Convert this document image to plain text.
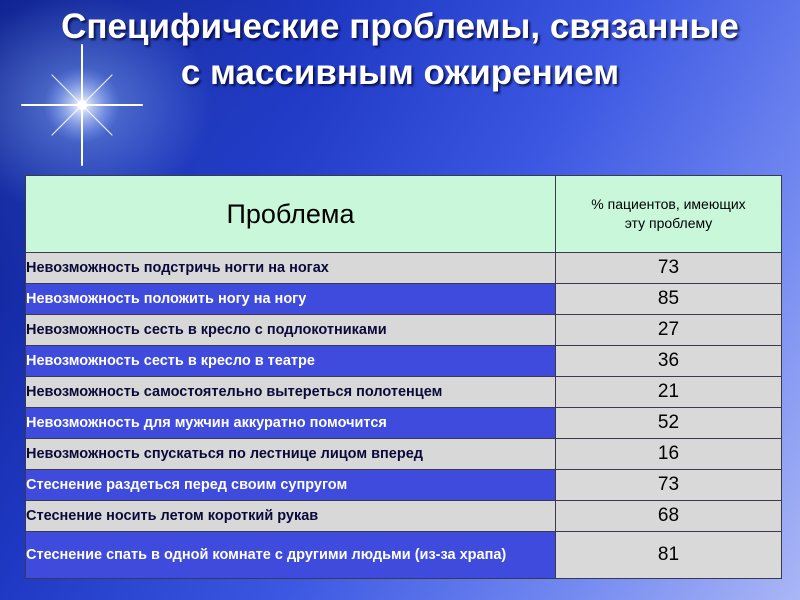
Специфические проблемы, связанные
с массивным ожирением
Проблема	% пациентов, имеющих
эту проблему

Невозможность подстричь ногти на ногах	73
Невозможность положить ногу на ногу	85
Невозможность сесть в кресло с подлокотниками	27
Невозможность сесть в кресло в театре	36
Невозможность самостоятельно вытереться полотенцем	21
Невозможность для мужчин аккуратно помочится	52
Невозможность спускаться по лестнице лицом вперед	16
Стеснение раздеться перед своим супругом	73
Стеснение носить летом короткий рукав	68
Стеснение спать в одной комнате с другими людьми (из-за храпа)	81
